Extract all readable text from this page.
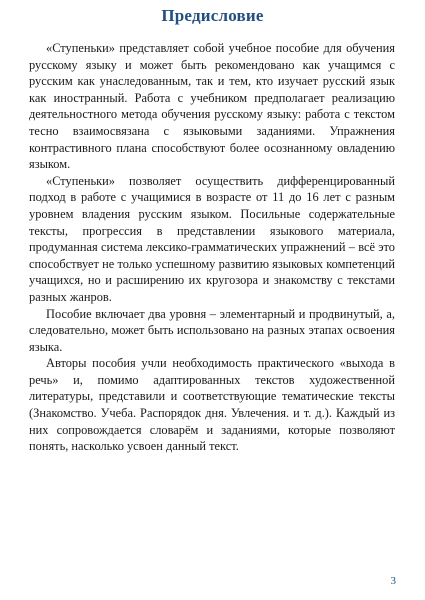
Предисловие

«Ступеньки» представляет собой учебное пособие для обучения русскому языку и может быть рекомендовано как учащимся с русским как унаследованным, так и тем, кто изучает русский язык как иностранный. Работа с учебником предполагает реализацию деятельностного метода обучения русскому языку: работа с текстом тесно взаимосвязана с языковыми заданиями. Упражнения контрастивного плана способствуют более осознанному овладению языком.

«Ступеньки» позволяет осуществить дифференцированный подход в работе с учащимися в возрасте от 11 до 16 лет с разным уровнем владения русским языком. Посильные содержательные тексты, прогрессия в представлении языкового материала, продуманная система лексико-грамматических упражнений – всё это способствует не только успешному развитию языковых компетенций учащихся, но и расширению их кругозора и знакомству с текстами разных жанров.

Пособие включает два уровня – элементарный и продвинутый, а, следовательно, может быть использовано на разных этапах освоения языка.

Авторы пособия учли необходимость практического «выхода в речь» и, помимо адаптированных текстов художественной литературы, представили и соответствующие тематические тексты (Знакомство. Учеба. Распорядок дня. Увлечения. и т. д.). Каждый из них сопровождается словарём и заданиями, которые позволяют понять, насколько усвоен данный текст.

3
